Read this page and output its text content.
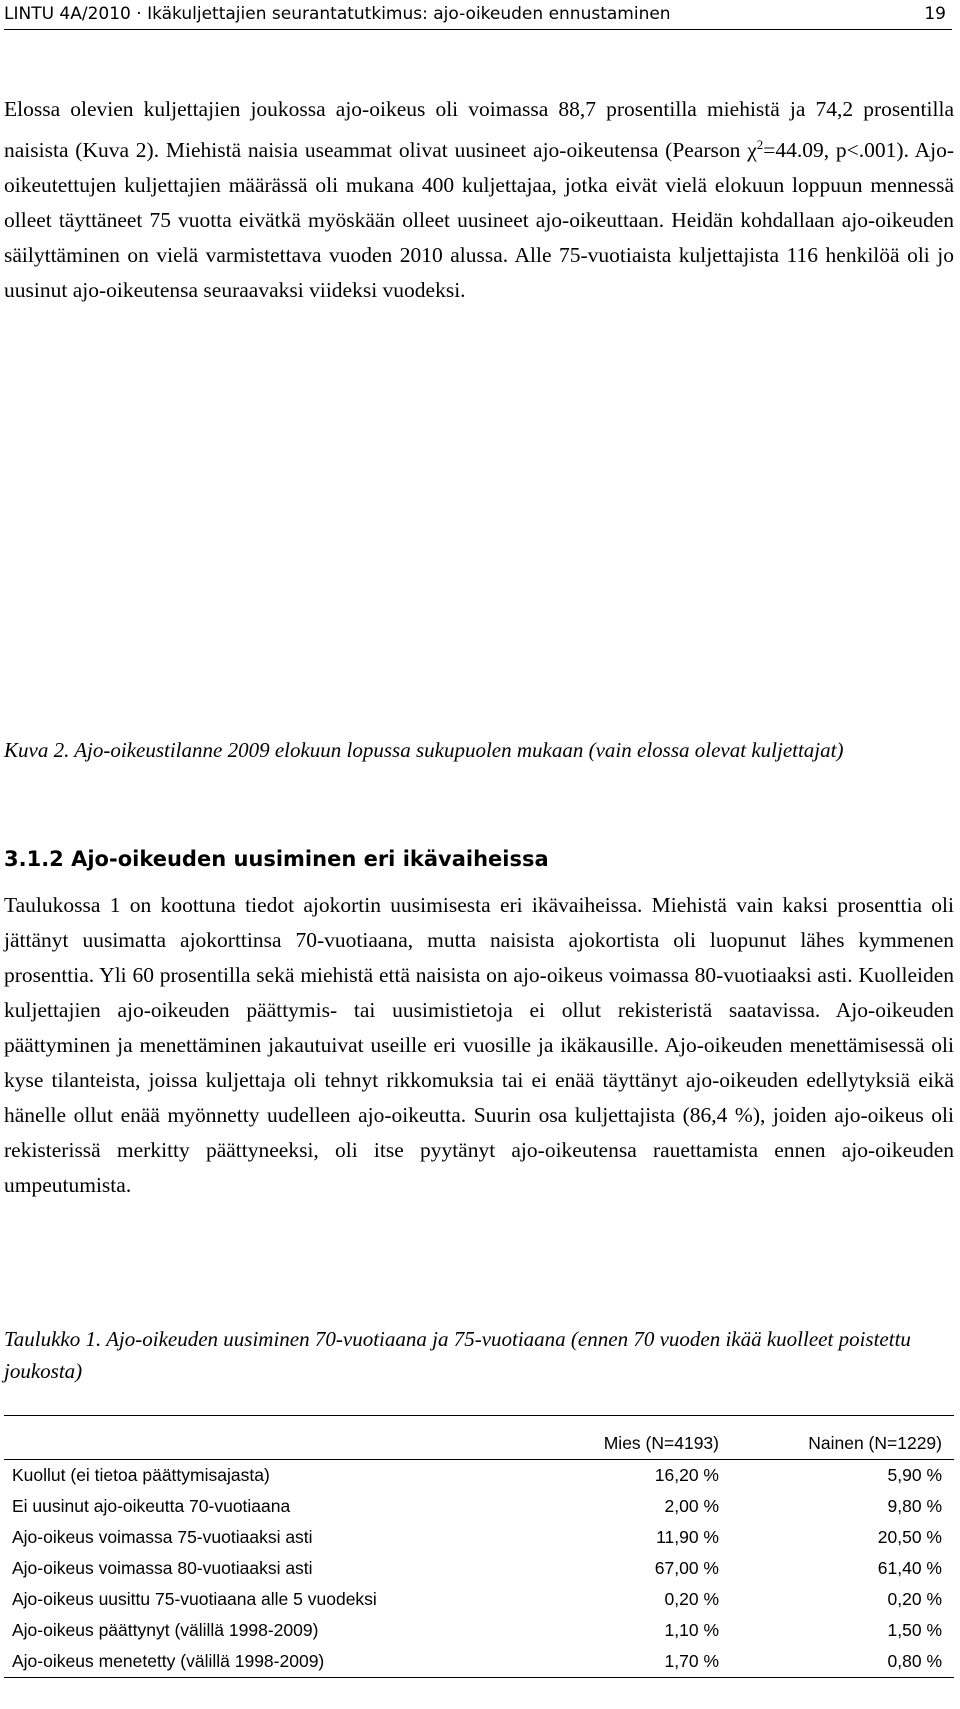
LINTU 4A/2010 · Ikäkuljettajien seurantatutkimus: ajo-oikeuden ennustaminen	19

Elossa olevien kuljettajien joukossa ajo-oikeus oli voimassa 88,7 prosentilla miehistä ja 74,2 prosentilla naisista (Kuva 2). Miehistä naisia useammat olivat uusineet ajo-oikeutensa (Pearson $\chi^2=44.09$, p<.001). Ajo-oikeutettujen kuljettajien määrässä oli mukana 400 kuljettajaa, jotka eivät vielä elokuun loppuun mennessä olleet täyttäneet 75 vuotta eivätkä myöskään olleet uusineet ajo-oikeuttaan. Heidän kohdallaan ajo-oikeuden säilyttäminen on vielä varmistettava vuoden 2010 alussa. Alle 75-vuotiaista kuljettajista 116 henkilöä oli jo uusinut ajo-oikeutensa seuraavaksi viideksi vuodeksi.

Kuva 2. Ajo-oikeustilanne 2009 elokuun lopussa sukupuolen mukaan (vain elossa olevat kuljettajat)
3.1.2 Ajo-oikeuden uusiminen eri ikävaiheissa

Taulukossa 1 on koottuna tiedot ajokortin uusimisesta eri ikävaiheissa. Miehistä vain kaksi prosenttia oli jättänyt uusimatta ajokorttinsa 70-vuotiaana, mutta naisista ajokortista oli luopunut lähes kymmenen prosenttia. Yli 60 prosentilla sekä miehistä että naisista on ajo-oikeus voimassa 80-vuotiaaksi asti. Kuolleiden kuljettajien ajo-oikeuden päättymis- tai uusimistietoja ei ollut rekisteristä saatavissa. Ajo-oikeuden päättyminen ja menettäminen jakautuivat useille eri vuosille ja ikäkausille. Ajo-oikeuden menettämisessä oli kyse tilanteista, joissa kuljettaja oli tehnyt rikkomuksia tai ei enää täyttänyt ajo-oikeuden edellytyksiä eikä hänelle ollut enää myönnetty uudelleen ajo-oikeutta. Suurin osa kuljettajista (86,4 %), joiden ajo-oikeus oli rekisterissä merkitty päättyneeksi, oli itse pyytänyt ajo-oikeutensa rauettamista ennen ajo-oikeuden umpeutumista.

Taulukko 1. Ajo-oikeuden uusiminen 70-vuotiaana ja 75-vuotiaana (ennen 70 vuoden ikää kuolleet poistettu joukosta)
	Mies (N=4193)	Nainen (N=1229)
Kuollut (ei tietoa päättymisajasta)	16,20 %	5,90 %
Ei uusinut ajo-oikeutta 70-vuotiaana	2,00 %	9,80 %
Ajo-oikeus voimassa 75-vuotiaaksi asti	11,90 %	20,50 %
Ajo-oikeus voimassa 80-vuotiaaksi asti	67,00 %	61,40 %
Ajo-oikeus uusittu 75-vuotiaana alle 5 vuodeksi	0,20 %	0,20 %
Ajo-oikeus päättynyt (välillä 1998-2009)	1,10 %	1,50 %
Ajo-oikeus menetetty (välillä 1998-2009)	1,70 %	0,80 %
